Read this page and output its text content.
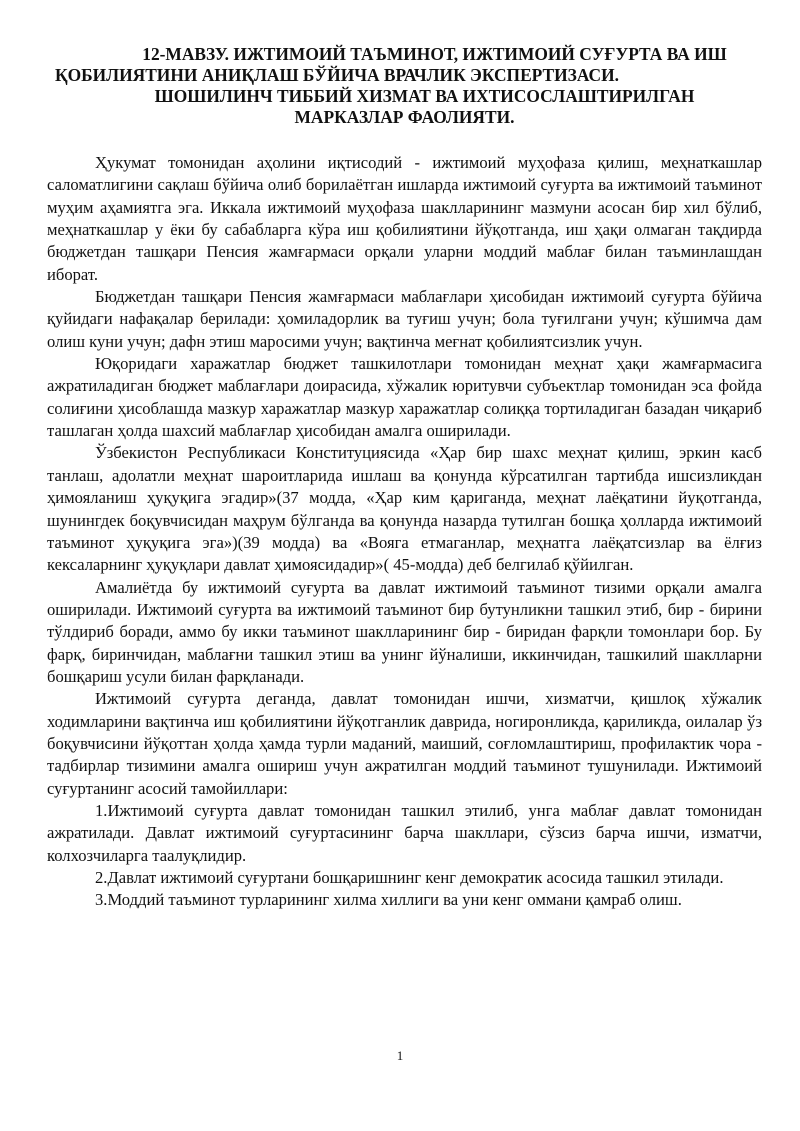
12-МАВЗУ. ИЖТИМОИЙ ТАЪМИНОТ, ИЖТИМОИЙ СУҒУРТА ВА ИШ
ҚОБИЛИЯТИНИ АНИҚЛАШ БЎЙИЧА ВРАЧЛИК ЭКСПЕРТИЗАСИ.
ШОШИЛИНЧ ТИББИЙ ХИЗМАТ ВА ИХТИСОСЛАШТИРИЛГАН
МАРКАЗЛАР ФАОЛИЯТИ.

Ҳукумат томонидан аҳолини иқтисодий - ижтимоий муҳофаза қилиш, меҳнаткашлар саломатлигини сақлаш бўйича олиб борилаётган ишларда ижтимоий суғурта ва ижтимоий таъминот муҳим аҳамиятга эга. Иккала ижтимоий муҳофаза шаклларининг мазмуни асосан бир хил бўлиб, меҳнаткашлар у ёки бу сабабларга кўра иш қобилиятини йўқотганда, иш ҳақи олмаган тақдирда бюджетдан ташқари Пенсия жамғармаси орқали уларни моддий маблағ билан таъминлашдан иборат.

Бюджетдан ташқари Пенсия жамғармаси маблағлари ҳисобидан ижтимоий суғурта бўйича қуйидаги нафақалар берилади: ҳомиладорлик ва туғиш учун; бола туғилгани учун; кўшимча дам олиш куни учун; дафн этиш маросими учун; вақтинча меғнат қобилиятсизлик учун.

Юқоридаги харажатлар бюджет ташкилотлари томонидан меҳнат ҳақи жамғармасига ажратиладиган бюджет маблағлари доирасида, хўжалик юритувчи субъектлар томонидан эса фойда солиғини ҳисоблашда мазкур харажатлар мазкур харажатлар солиққа тортиладиган базадан чиқариб ташлаган ҳолда шахсий маблағлар ҳисобидан амалга оширилади.

Ўзбекистон Республикаси Конституциясида «Ҳар бир шахс меҳнат қилиш, эркин касб танлаш, адолатли меҳнат шароитларида ишлаш ва қонунда кўрсатилган тартибда ишсизликдан ҳимояланиш ҳуқуқига эгадир»(37 модда, «Ҳар ким қариганда, меҳнат лаёқатини йуқотганда, шунингдек боқувчисидан маҳрум бўлганда ва қонунда назарда тутилган бошқа ҳолларда ижтимоий таъминот ҳуқуқига эга»)(39 модда) ва «Вояга етмаганлар, меҳнатга лаёқатсизлар ва ёлғиз кексаларнинг ҳуқуқлари давлат ҳимоясидадир»( 45-модда) деб белгилаб қўйилган.

Амалиётда бу ижтимоий суғурта ва давлат ижтимоий таъминот тизими орқали амалга оширилади. Ижтимоий суғурта ва ижтимоий таъминот бир бутунликни ташкил этиб, бир - бирини тўлдириб боради, аммо бу икки таъминот шаклларининг бир - биридан фарқли томонлари бор. Бу фарқ, биринчидан, маблағни ташкил этиш ва унинг йўналиши, иккинчидан, ташкилий шаклларни бошқариш усули билан фарқланади.

Ижтимоий суғурта деганда, давлат томонидан ишчи, хизматчи, қишлоқ хўжалик ходимларини вақтинча иш қобилиятини йўқотганлик даврида, ногиронликда, қариликда, оилалар ўз боқувчисини йўқоттан ҳолда ҳамда турли маданий, маиший, соғломлаштириш, профилактик чора - тадбирлар тизимини амалга ошириш учун ажратилган моддий таъминот тушунилади. Ижтимоий суғуртанинг асосий тамойиллари:

1.Ижтимоий суғурта давлат томонидан ташкил этилиб, унга маблағ давлат томонидан ажратилади. Давлат ижтимоий суғуртасининг барча шакллари, сўзсиз барча ишчи, изматчи, колхозчиларга таалуқлидир.

2.Давлат ижтимоий суғуртани бошқаришнинг кенг демократик асосида ташкил этилади.

3.Моддий таъминот турларининг хилма хиллиги ва уни кенг оммани қамраб олиш.

1
